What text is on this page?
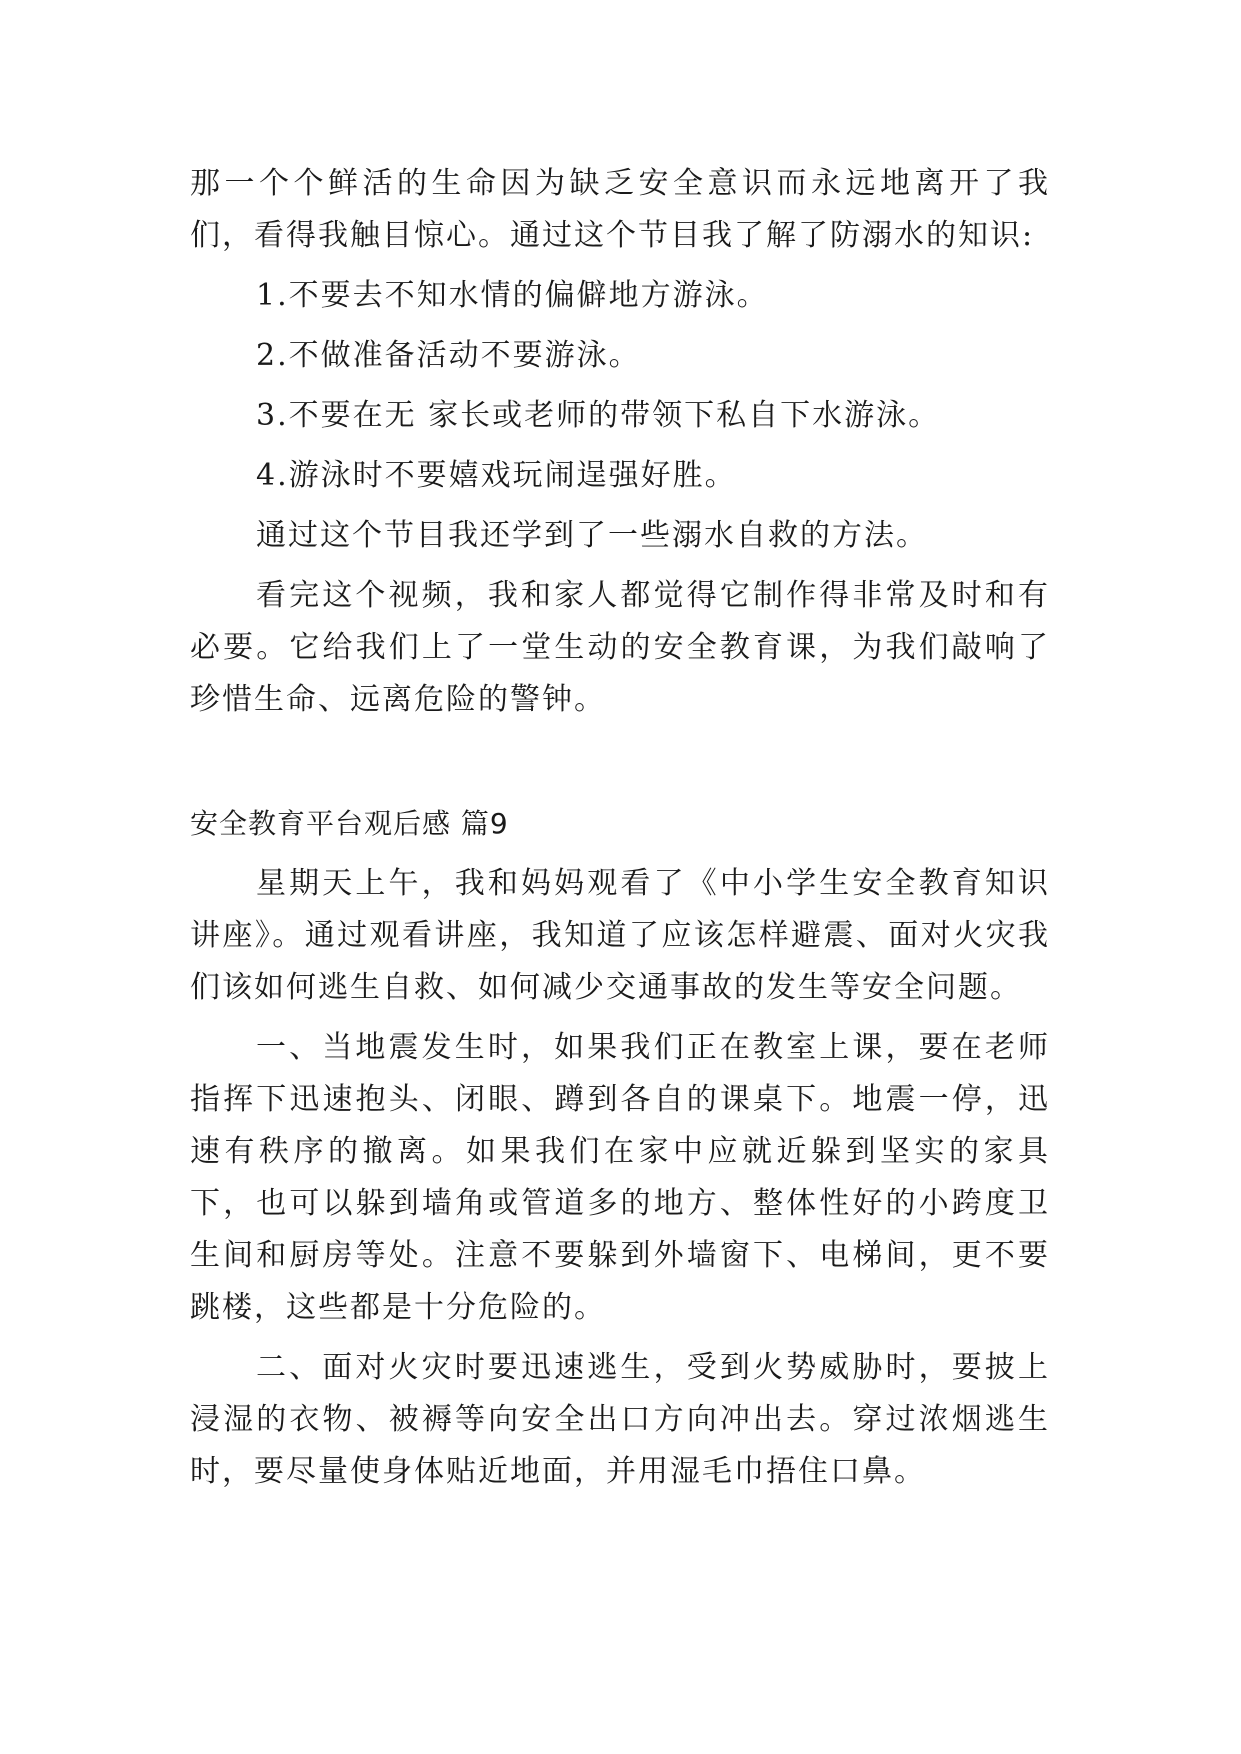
那一个个鲜活的生命因为缺乏安全意识而永远地离开了我们，看得我触目惊心。通过这个节目我了解了防溺水的知识:

1.不要去不知水情的偏僻地方游泳。

2.不做准备活动不要游泳。

3.不要在无 家长或老师的带领下私自下水游泳。

4.游泳时不要嬉戏玩闹逞强好胜。

通过这个节目我还学到了一些溺水自救的方法。

看完这个视频，我和家人都觉得它制作得非常及时和有必要。它给我们上了一堂生动的安全教育课，为我们敲响了珍惜生命、远离危险的警钟。

安全教育平台观后感 篇9

星期天上午，我和妈妈观看了《中小学生安全教育知识讲座》。通过观看讲座，我知道了应该怎样避震、面对火灾我们该如何逃生自救、如何减少交通事故的发生等安全问题。

一、当地震发生时，如果我们正在教室上课，要在老师指挥下迅速抱头、闭眼、蹲到各自的课桌下。地震一停，迅速有秩序的撤离。如果我们在家中应就近躲到坚实的家具下，也可以躲到墙角或管道多的地方、整体性好的小跨度卫生间和厨房等处。注意不要躲到外墙窗下、电梯间，更不要跳楼，这些都是十分危险的。

二、面对火灾时要迅速逃生，受到火势威胁时，要披上浸湿的衣物、被褥等向安全出口方向冲出去。穿过浓烟逃生时，要尽量使身体贴近地面，并用湿毛巾捂住口鼻。
